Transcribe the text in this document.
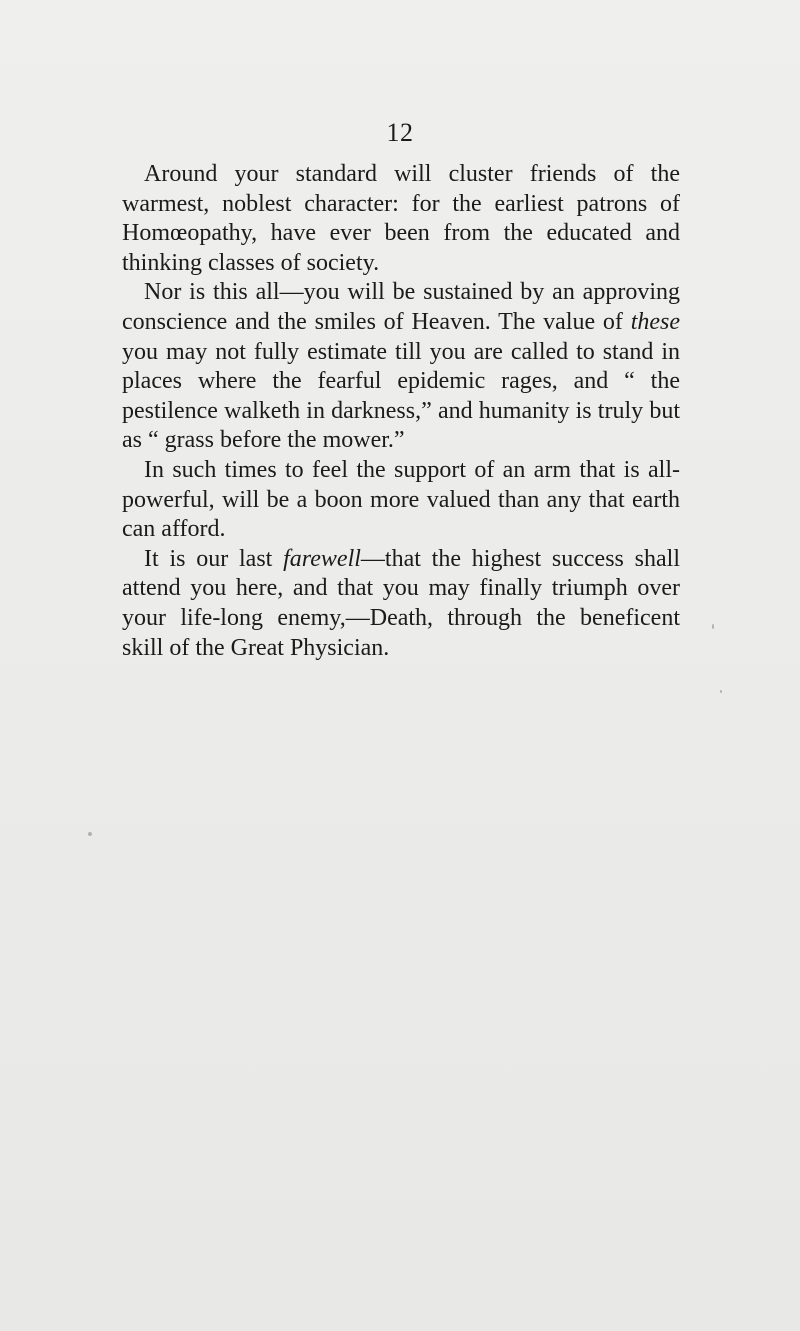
12

Around your standard will cluster friends of the warmest, noblest character: for the earliest patrons of Homœopathy, have ever been from the educated and thinking classes of society.

Nor is this all—you will be sustained by an approving conscience and the smiles of Heaven. The value of these you may not fully estimate till you are called to stand in places where the fearful epidemic rages, and “ the pestilence walketh in darkness,” and humanity is truly but as “ grass before the mower.”

In such times to feel the support of an arm that is all-powerful, will be a boon more valued than any that earth can afford.

It is our last farewell—that the highest success shall attend you here, and that you may finally triumph over your life-long enemy,—Death, through the beneficent skill of the Great Physician.
